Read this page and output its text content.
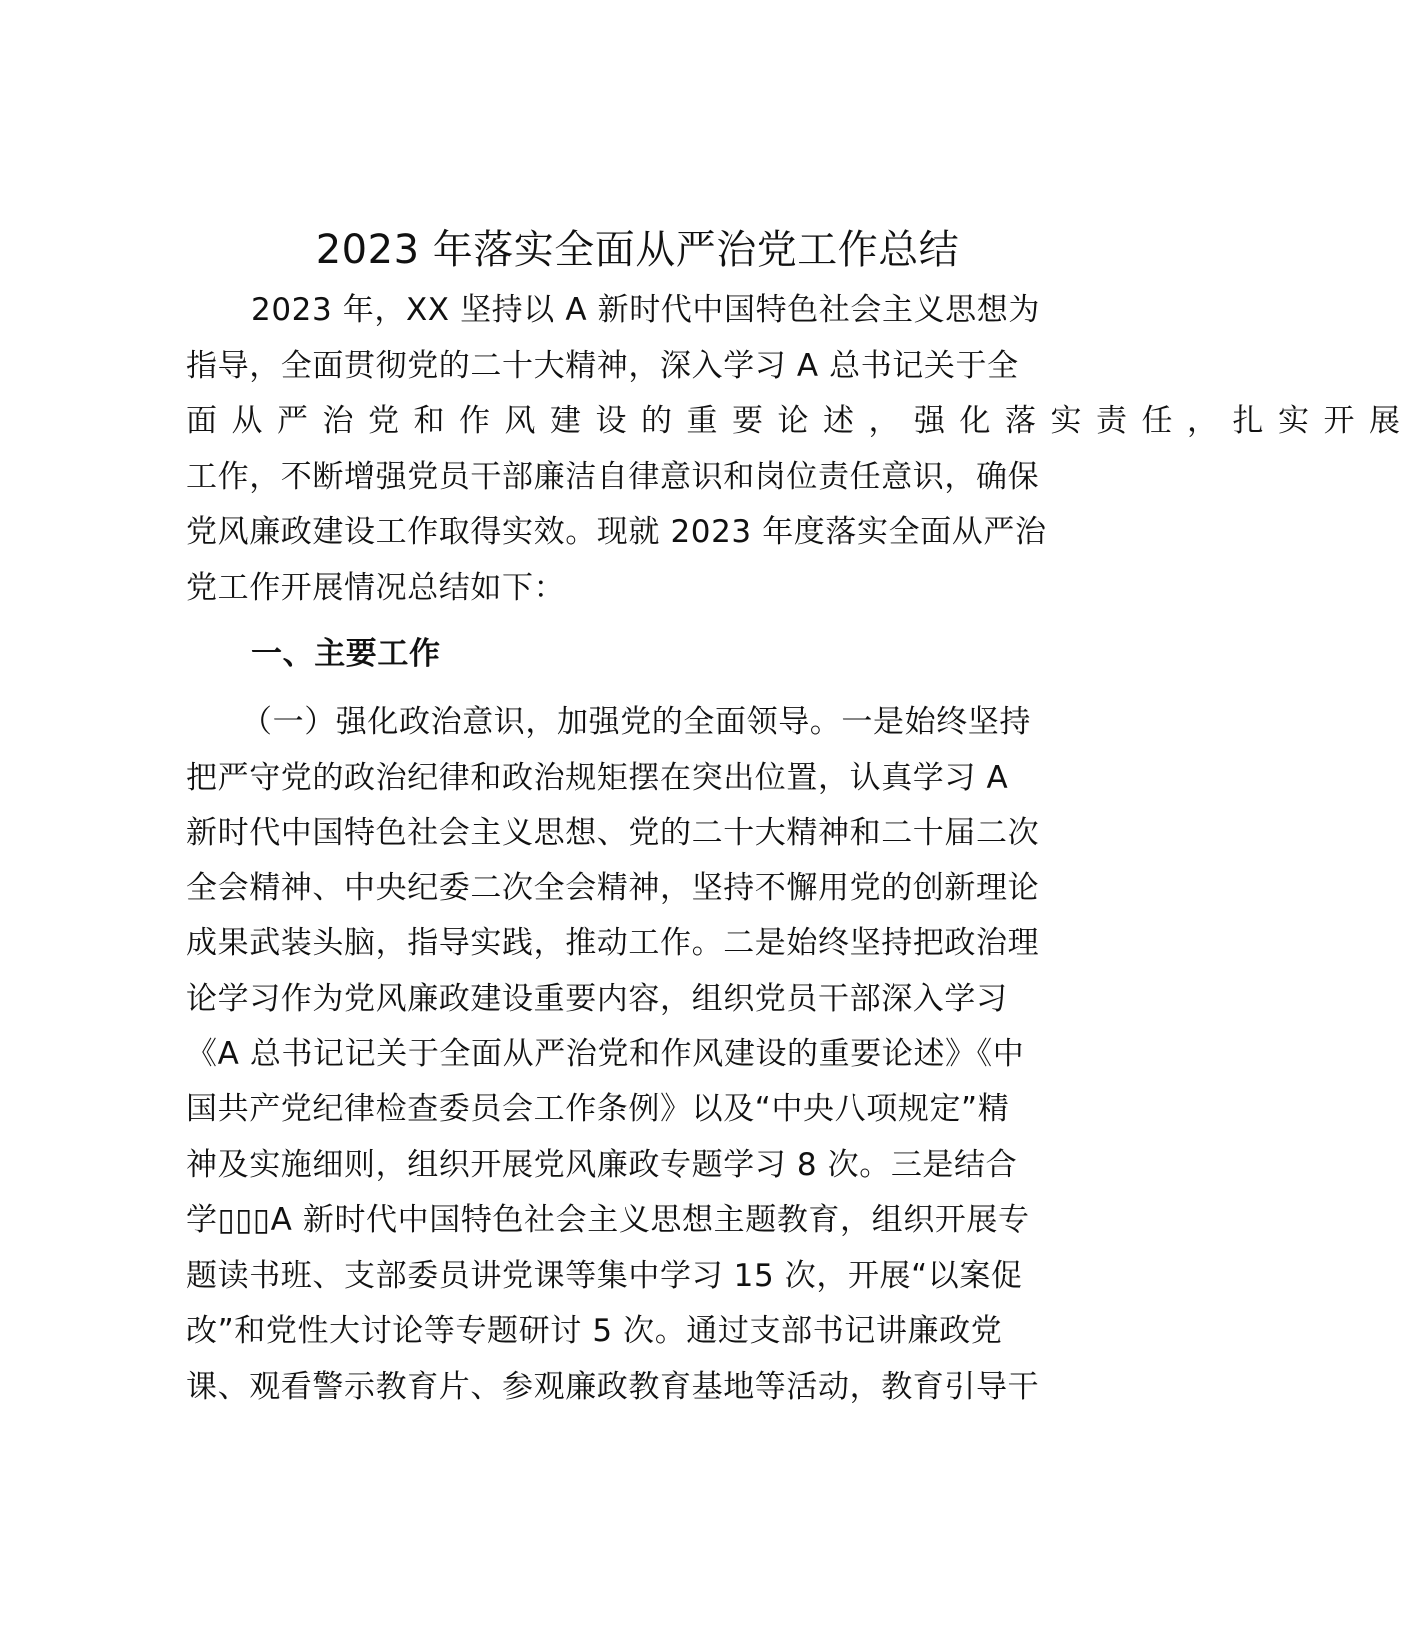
2023 年落实全面从严治党工作总结
2023 年，XX 坚持以 A 新时代中国特色社会主义思想为
指导，全面贯彻党的二十大精神，深入学习 A 总书记关于全
面从严治党和作风建设的重要论述，强化落实责任，扎实开展
工作，不断增强党员干部廉洁自律意识和岗位责任意识，确保
党风廉政建设工作取得实效。现就 2023 年度落实全面从严治
党工作开展情况总结如下：
一、主要工作
（一）强化政治意识，加强党的全面领导。一是始终坚持
把严守党的政治纪律和政治规矩摆在突出位置，认真学习 A
新时代中国特色社会主义思想、党的二十大精神和二十届二次
全会精神、中央纪委二次全会精神，坚持不懈用党的创新理论
成果武装头脑，指导实践，推动工作。二是始终坚持把政治理
论学习作为党风廉政建设重要内容，组织党员干部深入学习
《A 总书记记关于全面从严治党和作风建设的重要论述》《中
国共产党纪律检查委员会工作条例》以及“中央八项规定”精
神及实施细则，组织开展党风廉政专题学习 8 次。三是结合
学▯▯▯A 新时代中国特色社会主义思想主题教育，组织开展专
题读书班、支部委员讲党课等集中学习 15 次，开展“以案促
改”和党性大讨论等专题研讨 5 次。通过支部书记讲廉政党
课、观看警示教育片、参观廉政教育基地等活动，教育引导干
